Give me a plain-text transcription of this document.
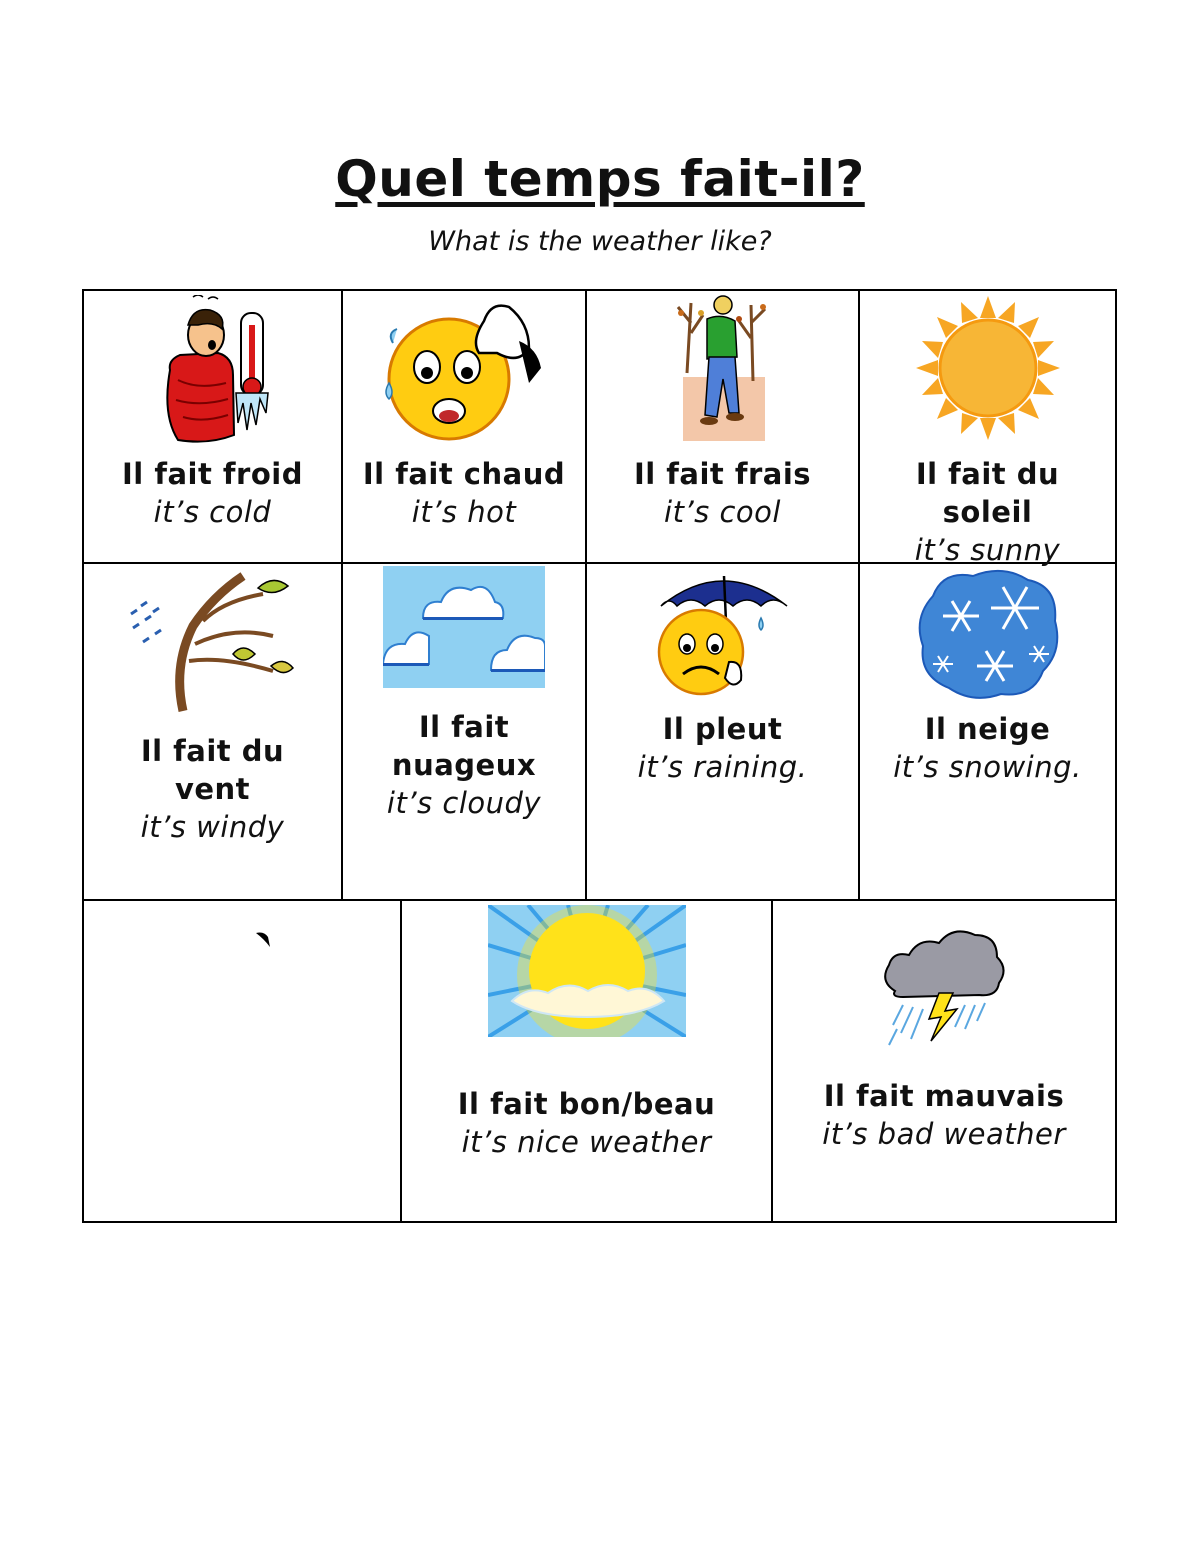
Quel temps fait-il?
What is the weather like?
Il fait froid
it’s cold
Il fait chaud
it’s hot
Il fait frais
it’s cool
Il fait du
soleil
it’s sunny
Il fait du
vent
it’s windy
Il fait
nuageux
it’s cloudy
Il pleut
it’s raining.
Il neige
it’s snowing.
Il fait bon/beau
it’s nice weather
Il fait mauvais
it’s bad weather
